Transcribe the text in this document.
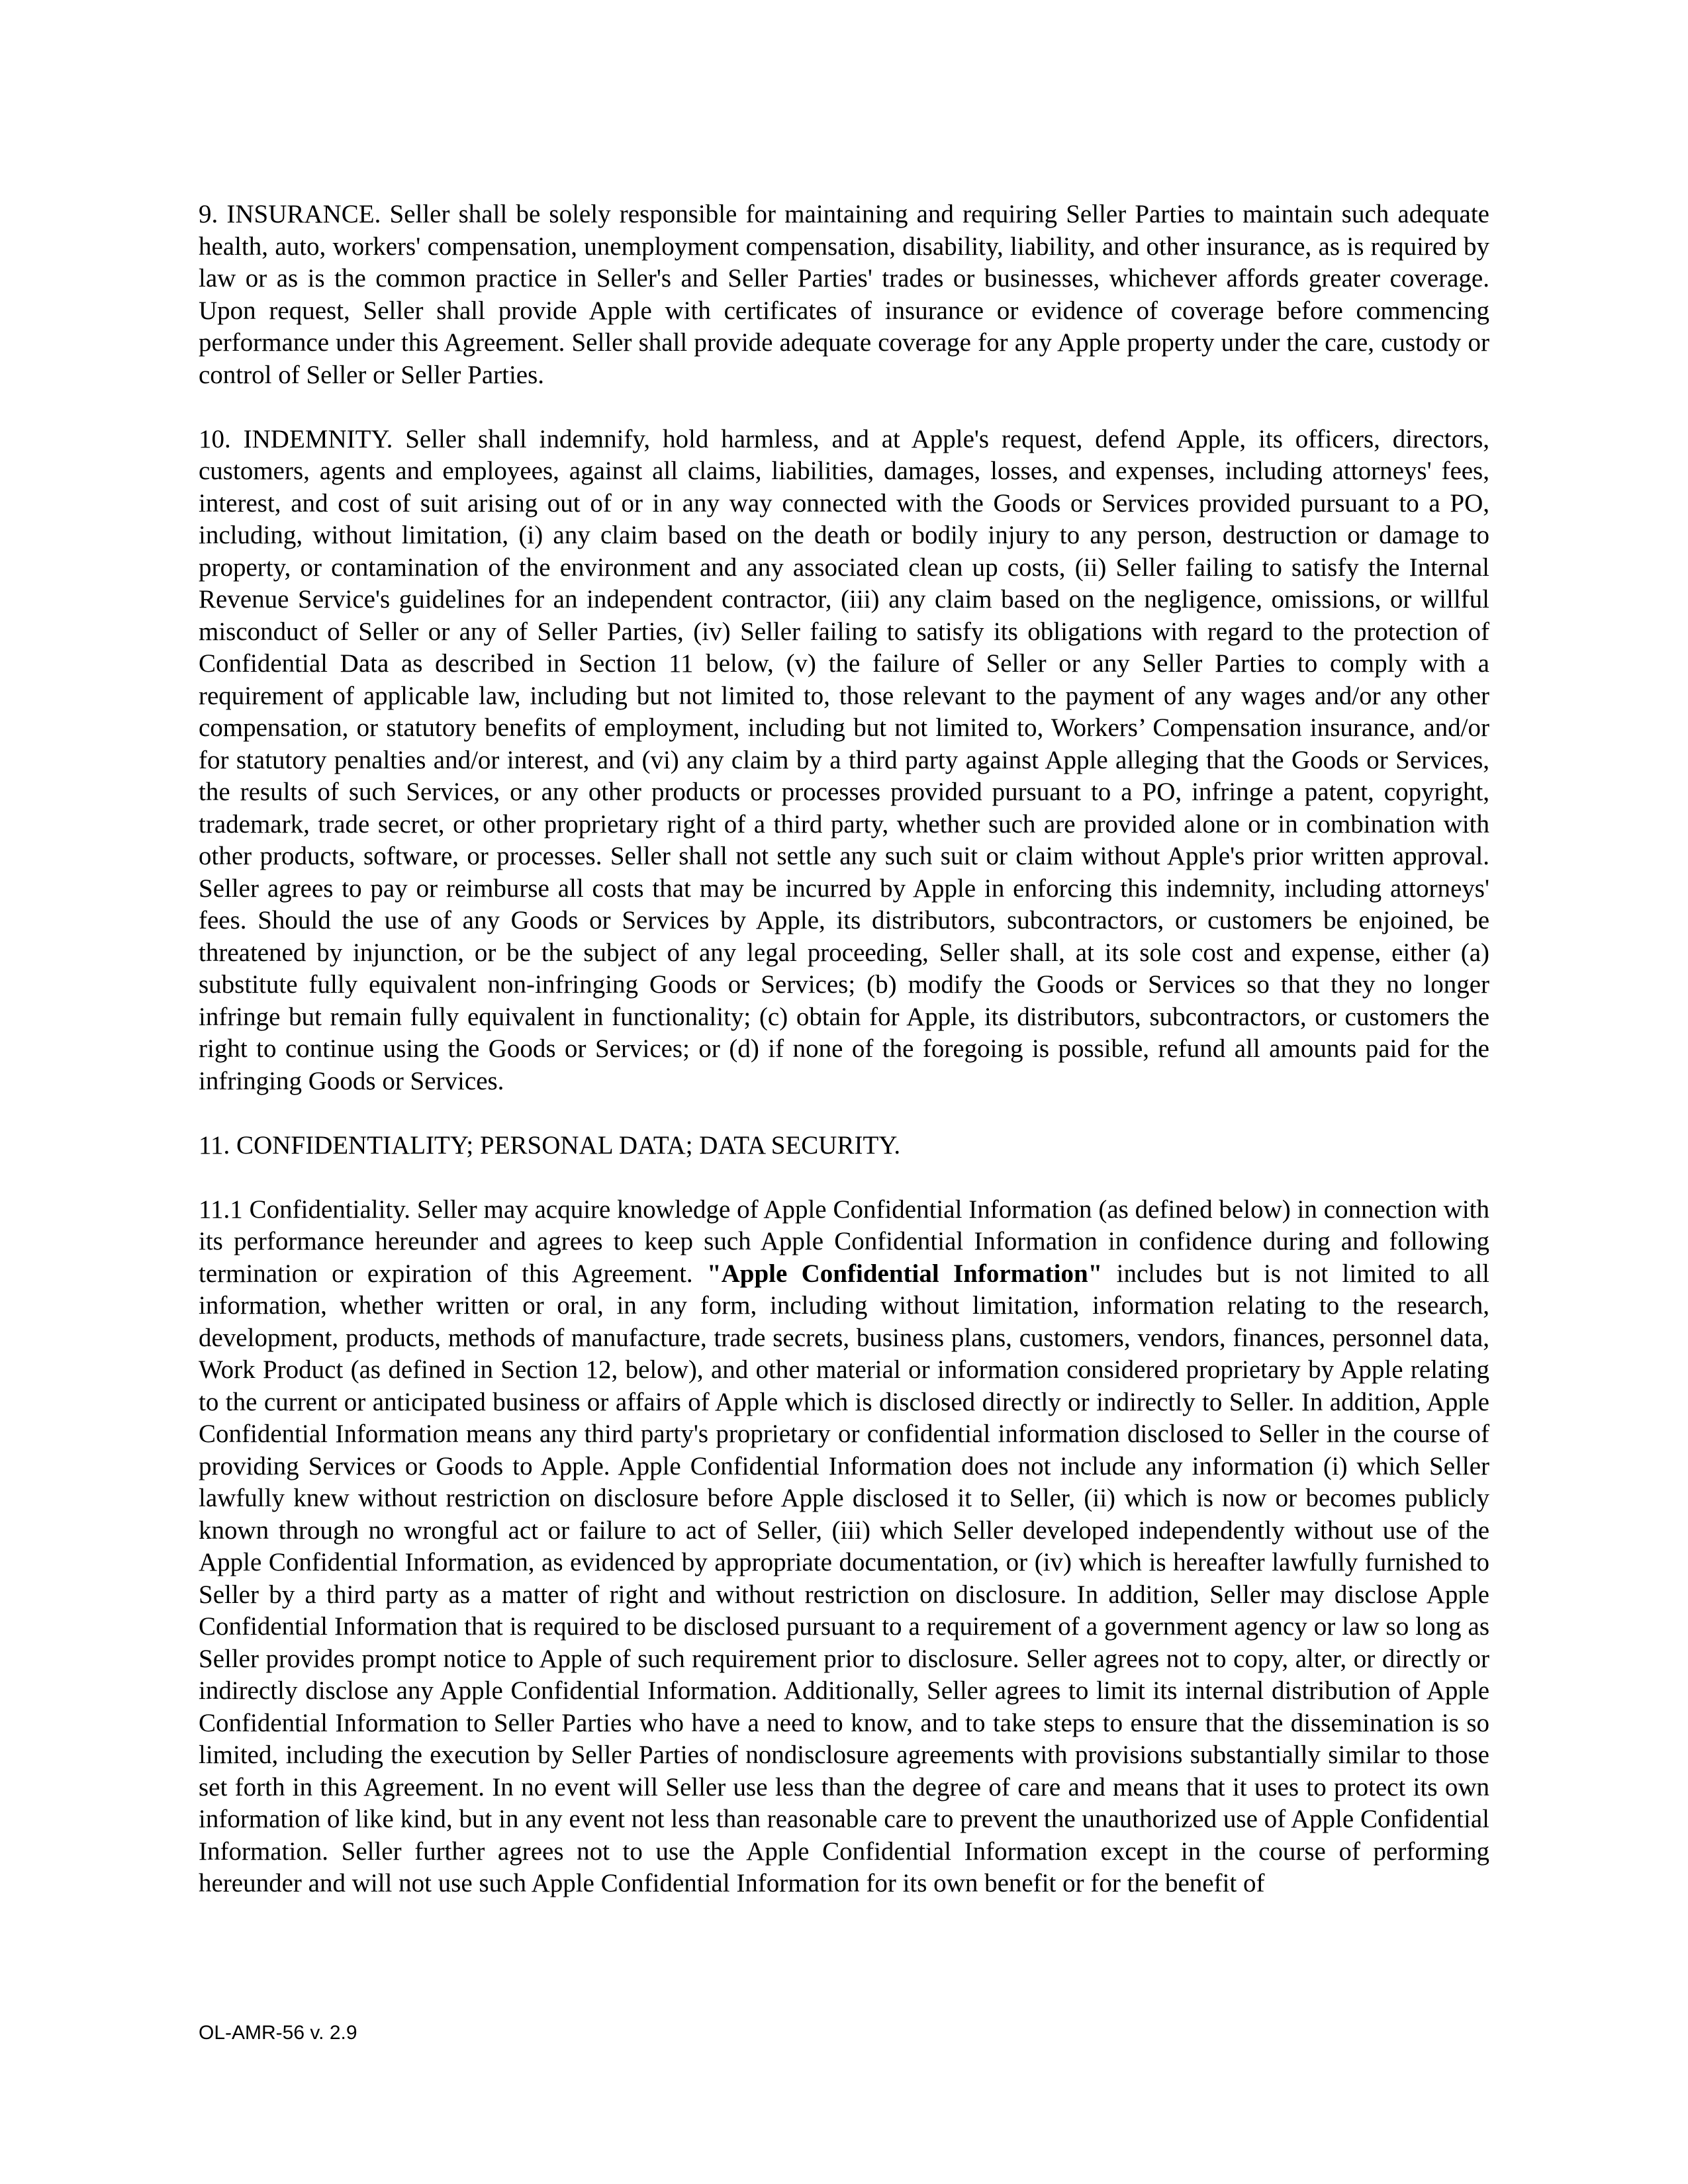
9. INSURANCE. Seller shall be solely responsible for maintaining and requiring Seller Parties to maintain such adequate health, auto, workers' compensation, unemployment compensation, disability, liability, and other insurance, as is required by law or as is the common practice in Seller's and Seller Parties' trades or businesses, whichever affords greater coverage. Upon request, Seller shall provide Apple with certificates of insurance or evidence of coverage before commencing performance under this Agreement. Seller shall provide adequate coverage for any Apple property under the care, custody or control of Seller or Seller Parties.

10. INDEMNITY. Seller shall indemnify, hold harmless, and at Apple's request, defend Apple, its officers, directors, customers, agents and employees, against all claims, liabilities, damages, losses, and expenses, including attorneys' fees, interest, and cost of suit arising out of or in any way connected with the Goods or Services provided pursuant to a PO, including, without limitation, (i) any claim based on the death or bodily injury to any person, destruction or damage to property, or contamination of the environment and any associated clean up costs, (ii) Seller failing to satisfy the Internal Revenue Service's guidelines for an independent contractor, (iii) any claim based on the negligence, omissions, or willful misconduct of Seller or any of Seller Parties, (iv) Seller failing to satisfy its obligations with regard to the protection of Confidential Data as described in Section 11 below, (v) the failure of Seller or any Seller Parties to comply with a requirement of applicable law, including but not limited to, those relevant to the payment of any wages and/or any other compensation, or statutory benefits of employment, including but not limited to, Workers’ Compensation insurance, and/or for statutory penalties and/or interest, and (vi) any claim by a third party against Apple alleging that the Goods or Services, the results of such Services, or any other products or processes provided pursuant to a PO, infringe a patent, copyright, trademark, trade secret, or other proprietary right of a third party, whether such are provided alone or in combination with other products, software, or processes. Seller shall not settle any such suit or claim without Apple's prior written approval. Seller agrees to pay or reimburse all costs that may be incurred by Apple in enforcing this indemnity, including attorneys' fees. Should the use of any Goods or Services by Apple, its distributors, subcontractors, or customers be enjoined, be threatened by injunction, or be the subject of any legal proceeding, Seller shall, at its sole cost and expense, either (a) substitute fully equivalent non-infringing Goods or Services; (b) modify the Goods or Services so that they no longer infringe but remain fully equivalent in functionality; (c) obtain for Apple, its distributors, subcontractors, or customers the right to continue using the Goods or Services; or (d) if none of the foregoing is possible, refund all amounts paid for the infringing Goods or Services.

11. CONFIDENTIALITY; PERSONAL DATA; DATA SECURITY.

11.1 Confidentiality. Seller may acquire knowledge of Apple Confidential Information (as defined below) in connection with its performance hereunder and agrees to keep such Apple Confidential Information in confidence during and following termination or expiration of this Agreement. "Apple Confidential Information" includes but is not limited to all information, whether written or oral, in any form, including without limitation, information relating to the research, development, products, methods of manufacture, trade secrets, business plans, customers, vendors, finances, personnel data, Work Product (as defined in Section 12, below), and other material or information considered proprietary by Apple relating to the current or anticipated business or affairs of Apple which is disclosed directly or indirectly to Seller. In addition, Apple Confidential Information means any third party's proprietary or confidential information disclosed to Seller in the course of providing Services or Goods to Apple. Apple Confidential Information does not include any information (i) which Seller lawfully knew without restriction on disclosure before Apple disclosed it to Seller, (ii) which is now or becomes publicly known through no wrongful act or failure to act of Seller, (iii) which Seller developed independently without use of the Apple Confidential Information, as evidenced by appropriate documentation, or (iv) which is hereafter lawfully furnished to Seller by a third party as a matter of right and without restriction on disclosure. In addition, Seller may disclose Apple Confidential Information that is required to be disclosed pursuant to a requirement of a government agency or law so long as Seller provides prompt notice to Apple of such requirement prior to disclosure. Seller agrees not to copy, alter, or directly or indirectly disclose any Apple Confidential Information. Additionally, Seller agrees to limit its internal distribution of Apple Confidential Information to Seller Parties who have a need to know, and to take steps to ensure that the dissemination is so limited, including the execution by Seller Parties of nondisclosure agreements with provisions substantially similar to those set forth in this Agreement. In no event will Seller use less than the degree of care and means that it uses to protect its own information of like kind, but in any event not less than reasonable care to prevent the unauthorized use of Apple Confidential Information. Seller further agrees not to use the Apple Confidential Information except in the course of performing hereunder and will not use such Apple Confidential Information for its own benefit or for the benefit of

OL-AMR-56 v. 2.9
